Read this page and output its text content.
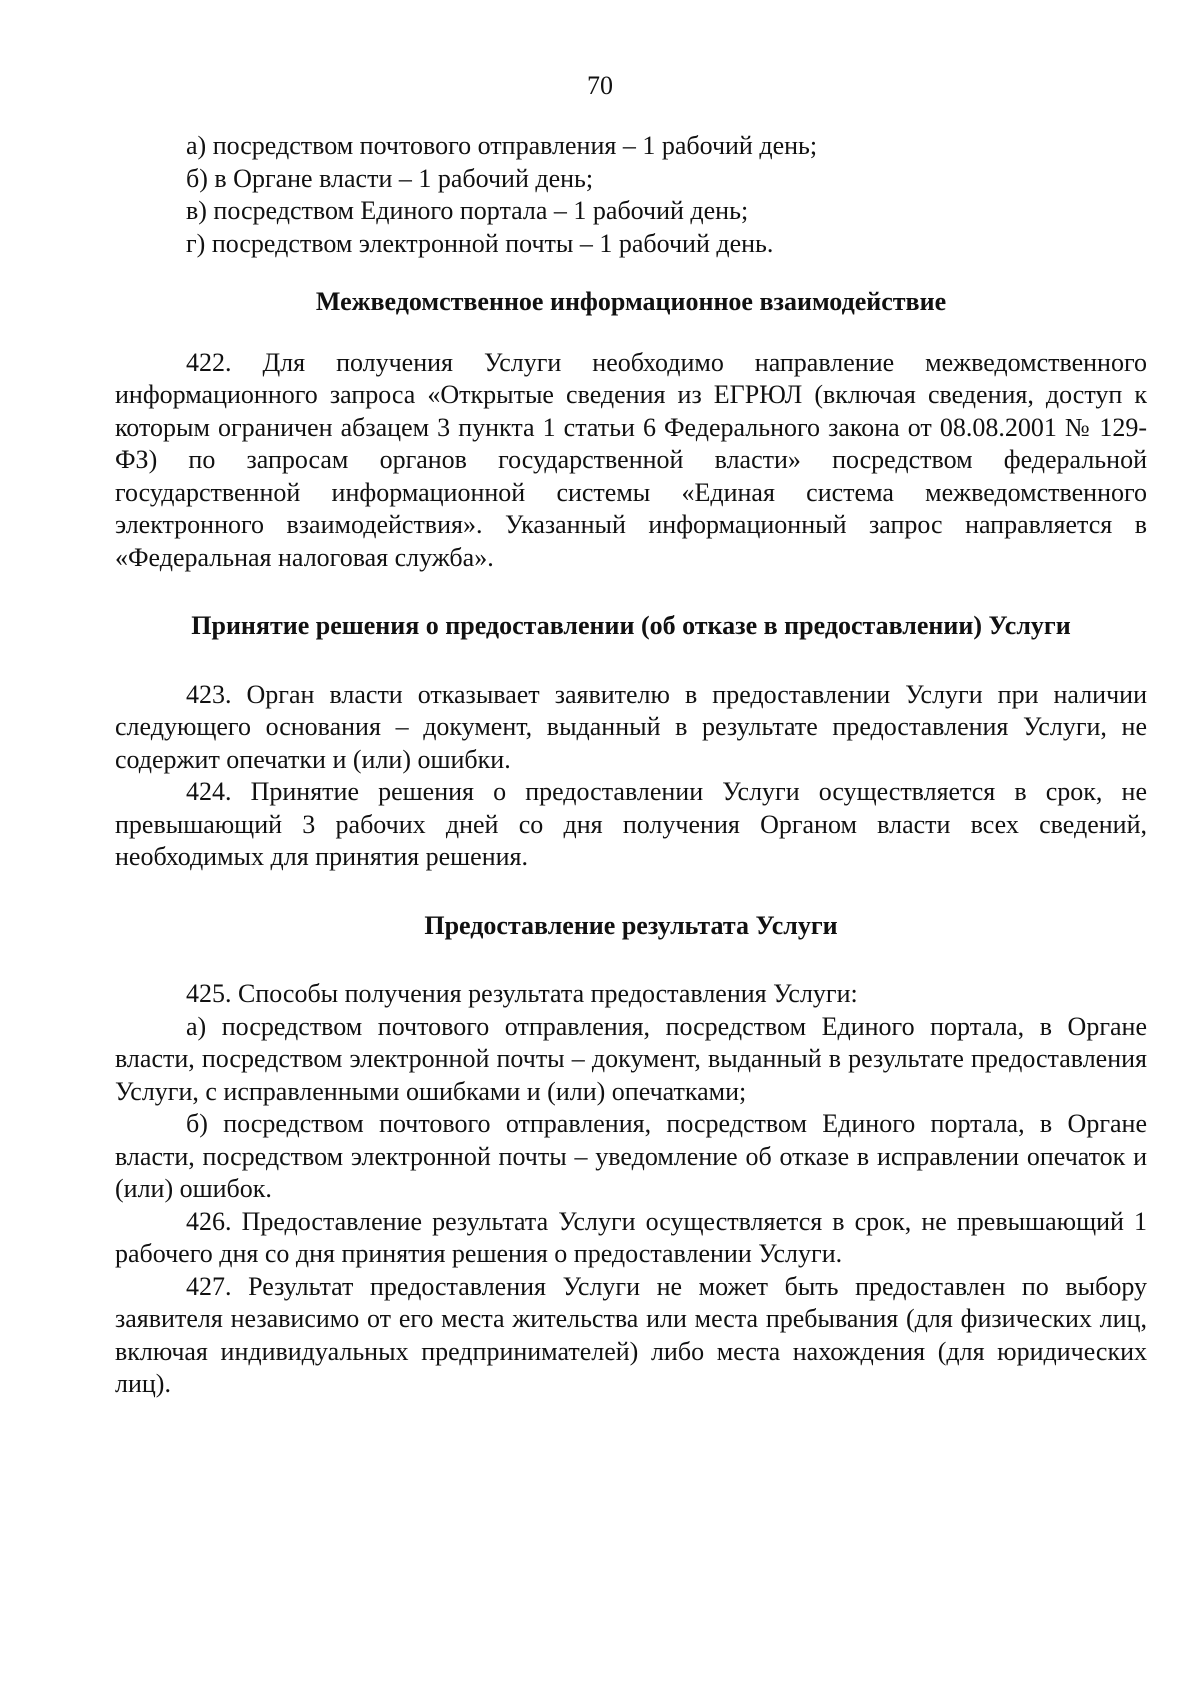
70

а) посредством почтового отправления – 1 рабочий день;

б) в Органе власти – 1 рабочий день;

в) посредством Единого портала – 1 рабочий день;

г) посредством электронной почты – 1 рабочий день.

Межведомственное информационное взаимодействие

422. Для получения Услуги необходимо направление межведомственного информационного запроса «Открытые сведения из ЕГРЮЛ (включая сведения, доступ к которым ограничен абзацем 3 пункта 1 статьи 6 Федерального закона от 08.08.2001 № 129-ФЗ) по запросам органов государственной власти» посредством федеральной государственной информационной системы «Единая система межведомственного электронного взаимодействия». Указанный информационный запрос направляется в «Федеральная налоговая служба».

Принятие решения о предоставлении (об отказе в предоставлении) Услуги

423. Орган власти отказывает заявителю в предоставлении Услуги при наличии следующего основания – документ, выданный в результате предоставления Услуги, не содержит опечатки и (или) ошибки.

424. Принятие решения о предоставлении Услуги осуществляется в срок, не превышающий 3 рабочих дней со дня получения Органом власти всех сведений, необходимых для принятия решения.

Предоставление результата Услуги

425. Способы получения результата предоставления Услуги:

а) посредством почтового отправления, посредством Единого портала, в Органе власти, посредством электронной почты – документ, выданный в результате предоставления Услуги, с исправленными ошибками и (или) опечатками;

б) посредством почтового отправления, посредством Единого портала, в Органе власти, посредством электронной почты – уведомление об отказе в исправлении опечаток и (или) ошибок.

426. Предоставление результата Услуги осуществляется в срок, не превышающий 1 рабочего дня со дня принятия решения о предоставлении Услуги.

427. Результат предоставления Услуги не может быть предоставлен по выбору заявителя независимо от его места жительства или места пребывания (для физических лиц, включая индивидуальных предпринимателей) либо места нахождения (для юридических лиц).
